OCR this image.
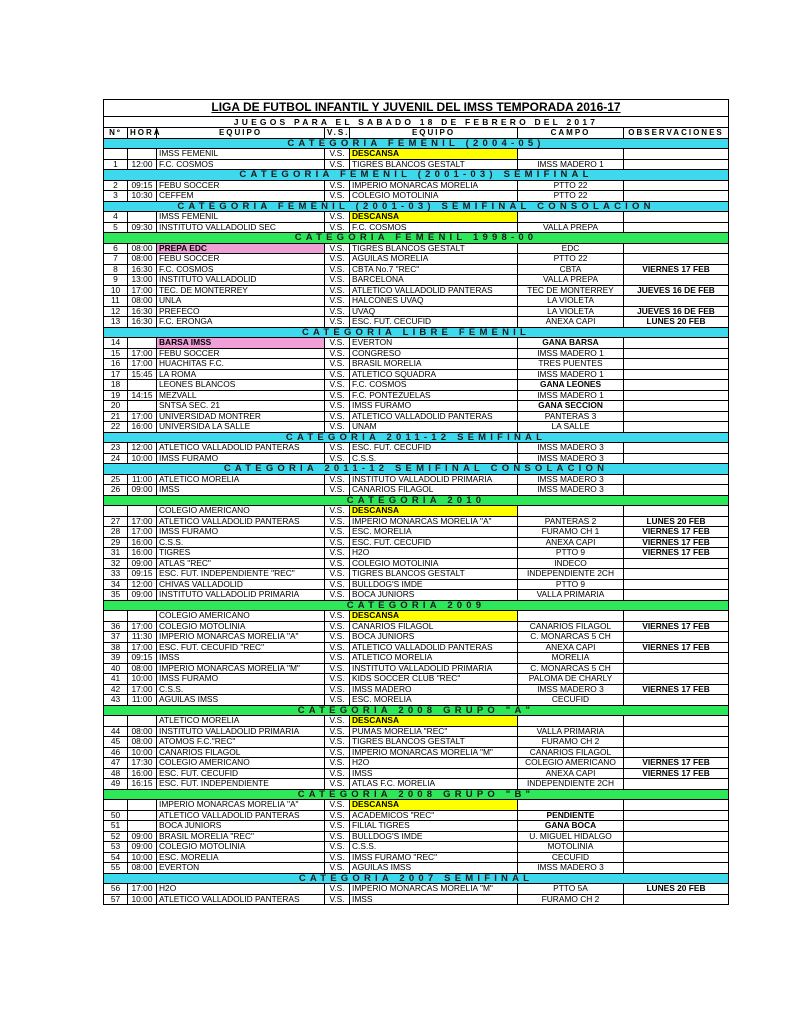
LIGA DE FUTBOL INFANTIL Y JUVENIL DEL IMSS TEMPORADA 2016-17
JUEGOS PARA EL SABADO 18 DE FEBRERO DEL 2017
Nº	HORA	EQUIPO	V.S.	EQUIPO	CAMPO	OBSERVACIONES
CATEGORIA FEMENIL (2004-05)
IMSS FEMENIL	V.S. DESCANSA
1	12:00 F.C. COSMOS	V.S. TIGRES BLANCOS GESTALT	IMSS MADERO 1
CATEGORIA FEMENIL (2001-03) SEMIFINAL
2	09:15 FEBU SOCCER	V.S. IMPERIO MONARCAS MORELIA	PTTO 22
3	10:30 CEFFEM	V.S. COLEGIO MOTOLINIA	PTTO 22
CATEGORIA FEMENIL (2001-03) SEMIFINAL CONSOLACION
4	IMSS FEMENIL	V.S. DESCANSA
5	09:30 INSTITUTO VALLADOLID SEC	V.S. F.C. COSMOS	VALLA PREPA
CATEGORIA FEMENIL 1998-00
6	08:00 PREPA EDC	V.S. TIGRES BLANCOS GESTALT	EDC
7	08:00 FEBU SOCCER	V.S. AGUILAS MORELIA	PTTO 22
8	16:30 F.C. COSMOS	V.S. CBTA No.7 "REC"	CBTA	VIERNES 17 FEB
9	13:00 INSTITUTO VALLADOLID	V.S. BARCELONA	VALLA PREPA
10	17:00 TEC. DE MONTERREY	V.S. ATLETICO VALLADOLID PANTERAS	TEC DE MONTERREY	JUEVES 16 DE FEB
11	08:00 UNLA	V.S. HALCONES UVAQ	LA VIOLETA
12	16:30 PREFECO	V.S. UVAQ	LA VIOLETA	JUEVES 16 DE FEB
13	16:30 F.C. ERONGA	V.S. ESC. FUT. CECUFID	ANEXA CAPI	LUNES 20 FEB
CATEGORIA LIBRE FEMENIL
14	BARSA IMSS	V.S. EVERTON	GANA BARSA
15	17:00 FEBU SOCCER	V.S. CONGRESO	IMSS MADERO 1
16	17:00 HUACHITAS F.C.	V.S. BRASIL MORELIA	TRES PUENTES
17	15:45 LA ROMA	V.S. ATLETICO SQUADRA	IMSS MADERO 1
18	LEONES BLANCOS	V.S. F.C. COSMOS	GANA LEONES
19	14:15 MEZVALL	V.S. F.C. PONTEZUELAS	IMSS MADERO 1
20	SNTSA SEC. 21	V.S. IMSS FURAMO	GANA SECCION
21	17:00 UNIVERSIDAD MONTRER	V.S. ATLETICO VALLADOLID PANTERAS	PANTERAS 3
22	16:00 UNIVERSIDA LA SALLE	V.S. UNAM	LA SALLE
CATEGORIA 2011-12 SEMIFINAL
23	12:00 ATLETICO VALLADOLID PANTERAS	V.S. ESC. FUT. CECUFID	IMSS MADERO 3
24	10:00 IMSS FURAMO	V.S. C.S.S.	IMSS MADERO 3
CATEGORIA 2011-12 SEMIFINAL CONSOLACION
25	11:00 ATLETICO MORELIA	V.S. INSTITUTO VALLADOLID PRIMARIA	IMSS MADERO 3
26	09:00 IMSS	V.S. CANARIOS FILAGOL	IMSS MADERO 3
CATEGORIA 2010
COLEGIO AMERICANO	V.S. DESCANSA
27	17:00 ATLETICO VALLADOLID PANTERAS	V.S. IMPERIO MONARCAS MORELIA "A"	PANTERAS 2	LUNES 20 FEB
28	17:00 IMSS FURAMO	V.S. ESC. MORELIA	FURAMO CH 1	VIERNES 17 FEB
29	16:00 C.S.S.	V.S. ESC. FUT. CECUFID	ANEXA CAPI	VIERNES 17 FEB
31	16:00 TIGRES	V.S. H2O	PTTO 9	VIERNES 17 FEB
32	09:00 ATLAS "REC"	V.S. COLEGIO MOTOLINIA	INDECO
33	09:15 ESC. FUT. INDEPENDIENTE "REC"	V.S. TIGRES BLANCOS GESTALT	INDEPENDIENTE 2CH
34	12:00 CHIVAS VALLADOLID	V.S. BULLDOG'S IMDE	PTTO 9
35	09:00 INSTITUTO VALLADOLID PRIMARIA	V.S. BOCA JUNIORS	VALLA PRIMARIA
CATEGORIA 2009
COLEGIO AMERICANO	V.S. DESCANSA
36	17:00 COLEGIO MOTOLINIA	V.S. CANARIOS FILAGOL	CANARIOS FILAGOL	VIERNES 17 FEB
37	11:30 IMPERIO MONARCAS MORELIA "A"	V.S. BOCA JUNIORS	C. MONARCAS 5 CH
38	17:00 ESC. FUT. CECUFID "REC"	V.S. ATLETICO VALLADOLID PANTERAS	ANEXA CAPI	VIERNES 17 FEB
39	09:15 IMSS	V.S. ATLETICO MORELIA	MORELIA
40	08:00 IMPERIO MONARCAS MORELIA "M"	V.S. INSTITUTO VALLADOLID PRIMARIA	C. MONARCAS 5 CH
41	10:00 IMSS FURAMO	V.S. KIDS SOCCER CLUB "REC"	PALOMA DE CHARLY
42	17:00 C.S.S.	V.S. IMSS MADERO	IMSS MADERO 3	VIERNES 17 FEB
43	11:00 AGUILAS IMSS	V.S. ESC. MORELIA	CECUFID
CATEGORIA 2008 GRUPO "A"
ATLETICO MORELIA	V.S. DESCANSA
44	08:00 INSTITUTO VALLADOLID PRIMARIA	V.S. PUMAS MORELIA "REC"	VALLA PRIMARIA
45	08:00 ATOMOS F.C."REC"	V.S. TIGRES BLANCOS GESTALT	FURAMO CH 2
46	10:00 CANARIOS FILAGOL	V.S. IMPERIO MONARCAS MORELIA "M"	CANARIOS FILAGOL
47	17:30 COLEGIO AMERICANO	V.S. H2O	COLEGIO AMERICANO	VIERNES 17 FEB
48	16:00 ESC. FUT. CECUFID	V.S. IMSS	ANEXA CAPI	VIERNES 17 FEB
49	16:15 ESC. FUT. INDEPENDIENTE	V.S. ATLAS F.C. MORELIA	INDEPENDIENTE 2CH
CATEGORIA 2008 GRUPO "B"
IMPERIO MONARCAS MORELIA "A"	V.S. DESCANSA
50	ATLETICO VALLADOLID PANTERAS	V.S. ACADEMICOS "REC"	PENDIENTE
51	BOCA JUNIORS	V.S. FILIAL TIGRES	GANA BOCA
52	09:00 BRASIL MORELIA "REC"	V.S. BULLDOG'S IMDE	U. MIGUEL HIDALGO
53	09:00 COLEGIO MOTOLINIA	V.S. C.S.S.	MOTOLINIA
54	10:00 ESC. MORELIA	V.S. IMSS FURAMO "REC"	CECUFID
55	08:00 EVERTON	V.S. AGUILAS IMSS	IMSS MADERO 3
CATEGORIA 2007 SEMIFINAL
56	17:00 H2O	V.S. IMPERIO MONARCAS MORELIA "M"	PTTO 5A	LUNES 20 FEB
57	10:00 ATLETICO VALLADOLID PANTERAS	V.S. IMSS	FURAMO CH 2
